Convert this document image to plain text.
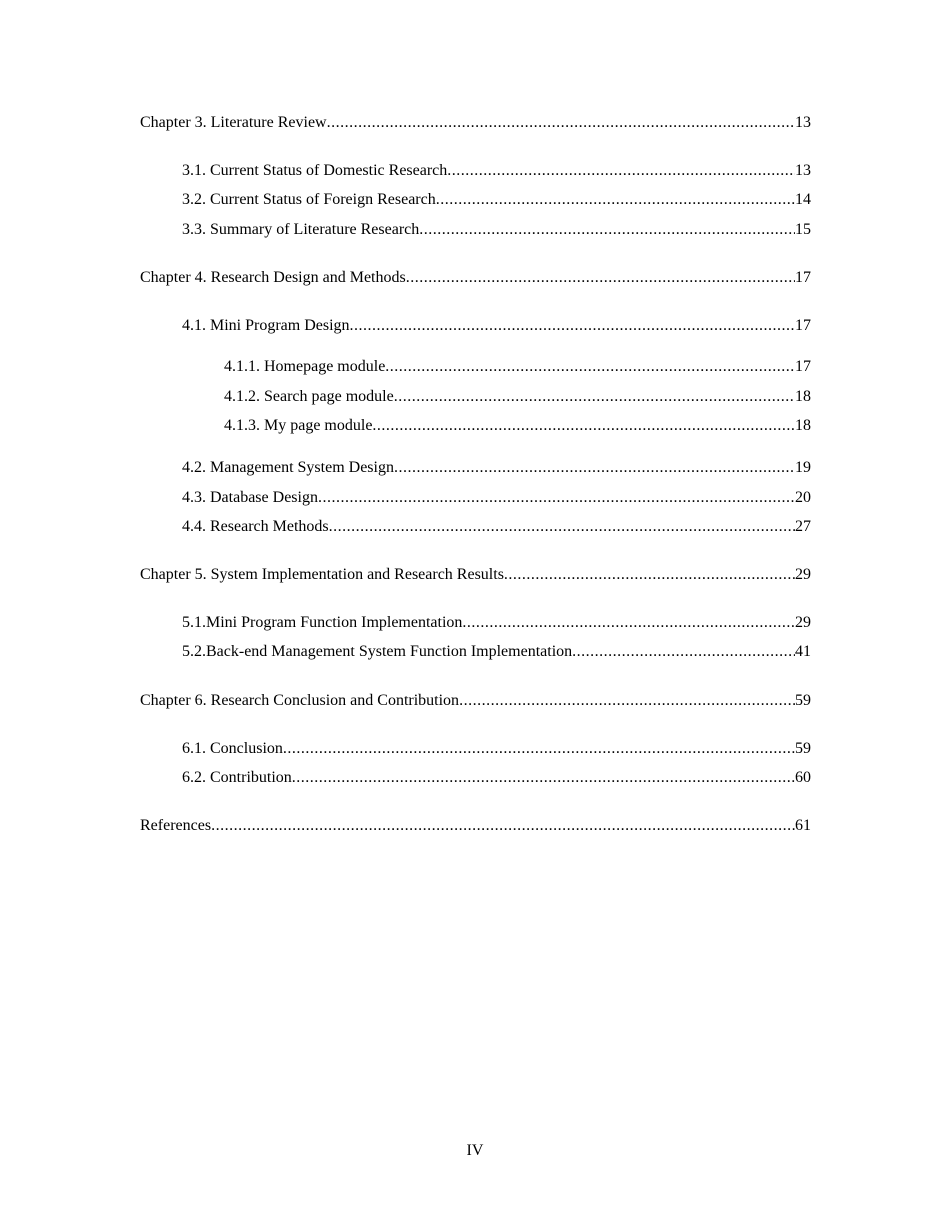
Chapter 3. Literature Review .....	13
3.1. Current Status of Domestic Research .....	13
3.2. Current Status of Foreign Research .....	14
3.3. Summary of Literature Research .....	15
Chapter 4. Research Design and Methods .....	17
4.1. Mini Program Design .....	17
4.1.1. Homepage module .....	17
4.1.2. Search page module .....	18
4.1.3. My page module .....	18
4.2. Management System Design .....	19
4.3. Database Design .....	20
4.4. Research Methods .....	27
Chapter 5. System Implementation and Research Results .....	29
5.1.Mini Program Function Implementation .....	29
5.2.Back-end Management System Function Implementation .....	41
Chapter 6. Research Conclusion and Contribution .....	59
6.1. Conclusion .....	59
6.2. Contribution .....	60
References .....	61
IV
